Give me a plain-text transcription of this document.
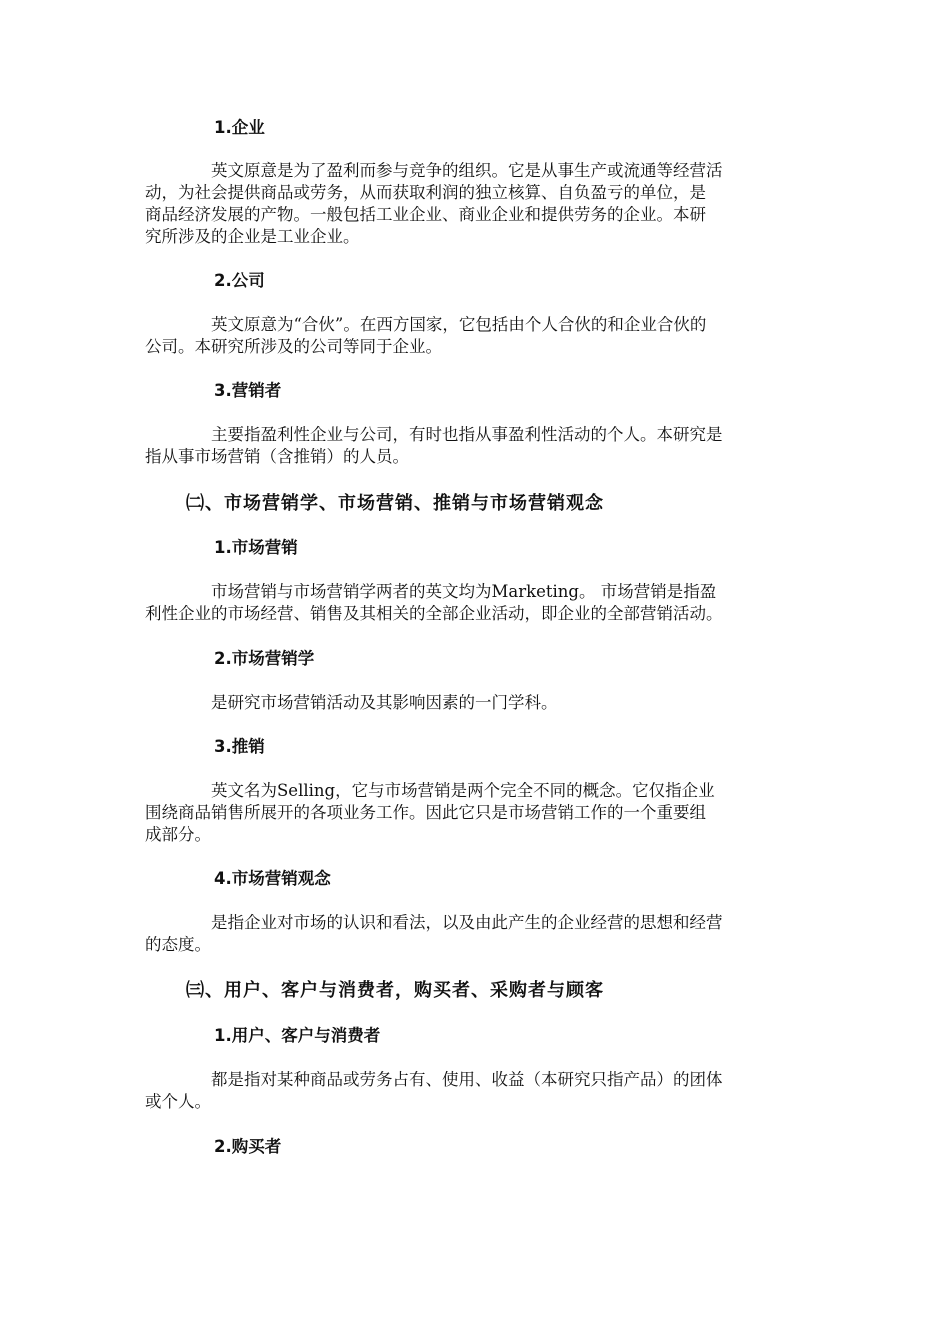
1.企业
英文原意是为了盈利而参与竞争的组织。它是从事生产或流通等经营活
动，为社会提供商品或劳务，从而获取利润的独立核算、自负盈亏的单位，是
商品经济发展的产物。一般包括工业企业、商业企业和提供劳务的企业。本研
究所涉及的企业是工业企业。
2.公司
英文原意为“合伙”。在西方国家，它包括由个人合伙的和企业合伙的
公司。本研究所涉及的公司等同于企业。
3.营销者
主要指盈利性企业与公司，有时也指从事盈利性活动的个人。本研究是
指从事市场营销（含推销）的人员。
㈡、市场营销学、市场营销、推销与市场营销观念
1.市场营销
市场营销与市场营销学两者的英文均为Marketing。 市场营销是指盈
利性企业的市场经营、销售及其相关的全部企业活动，即企业的全部营销活动。
2.市场营销学
是研究市场营销活动及其影响因素的一门学科。
3.推销
英文名为Selling，它与市场营销是两个完全不同的概念。它仅指企业
围绕商品销售所展开的各项业务工作。因此它只是市场营销工作的一个重要组
成部分。
4.市场营销观念
是指企业对市场的认识和看法，以及由此产生的企业经营的思想和经营
的态度。
㈢、用户、客户与消费者，购买者、采购者与顾客
1.用户、客户与消费者
都是指对某种商品或劳务占有、使用、收益（本研究只指产品）的团体
或个人。
2.购买者
